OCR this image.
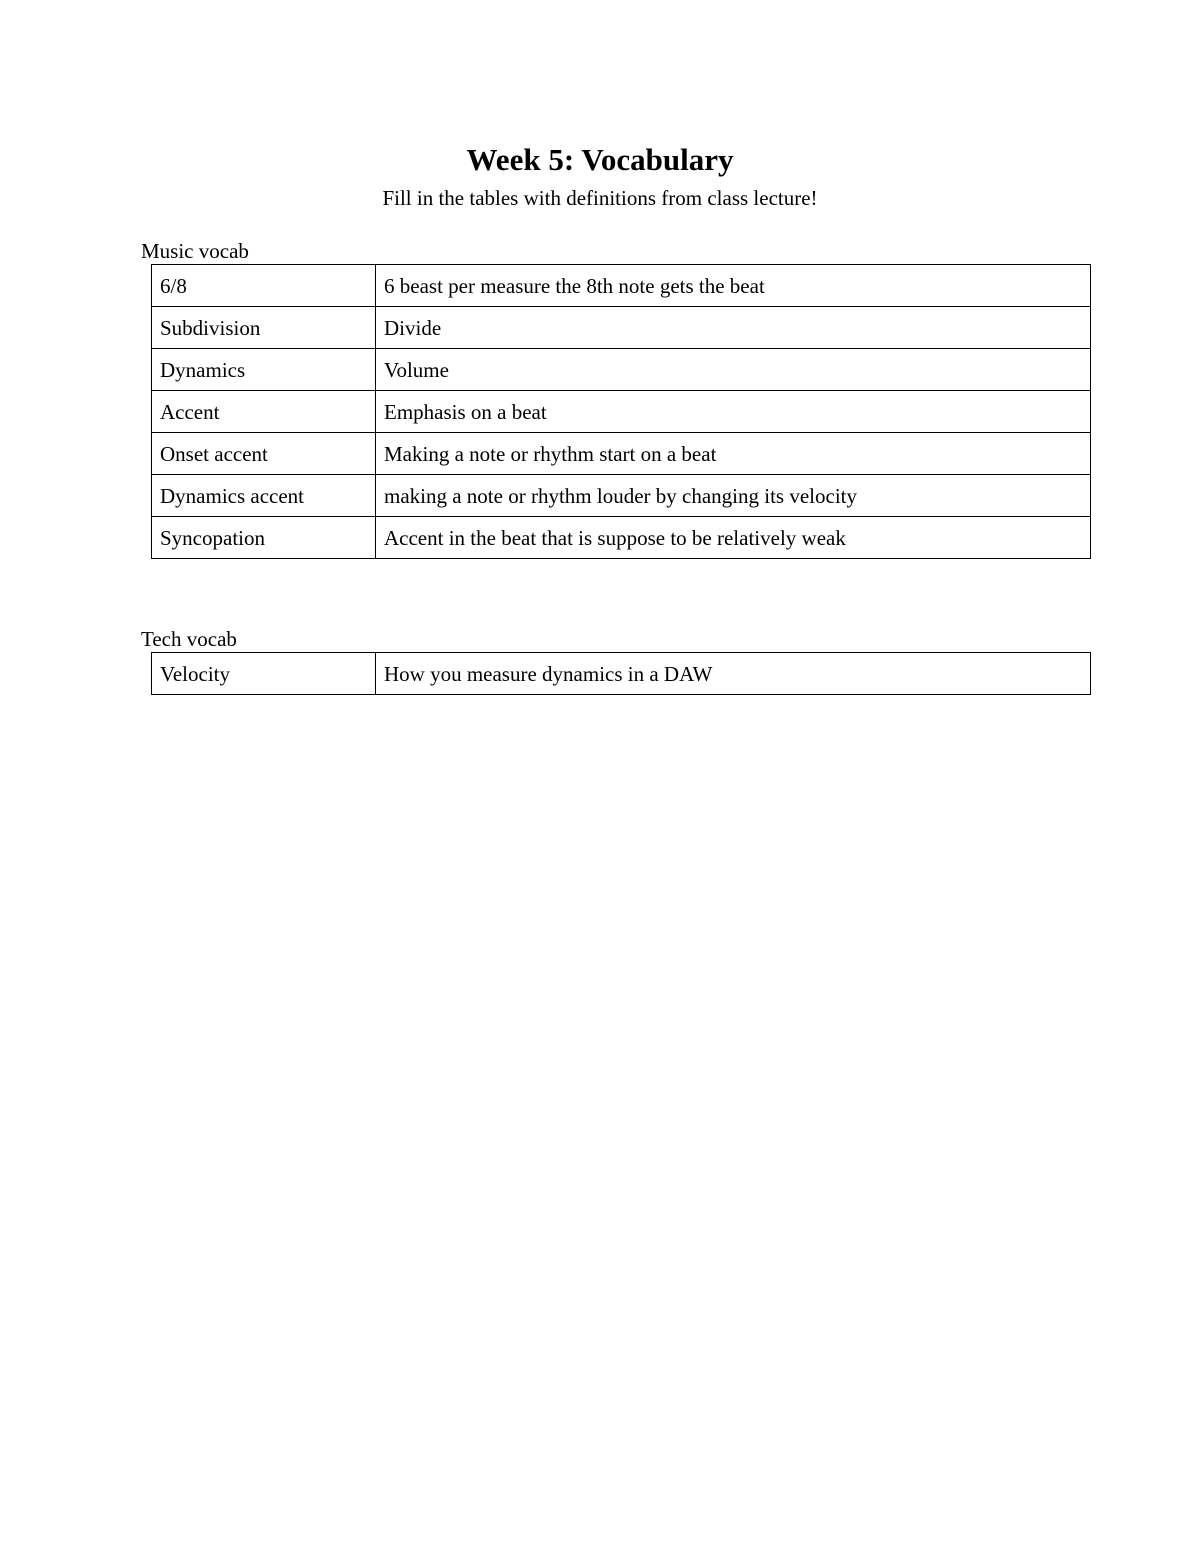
Week 5: Vocabulary
Fill in the tables with definitions from class lecture!
Music vocab
6/8	6 beast per measure the 8th note gets the beat
Subdivision	Divide
Dynamics	Volume
Accent	Emphasis on a beat
Onset accent	Making a note or rhythm start on a beat
Dynamics accent	making a note or rhythm louder by changing its velocity
Syncopation	Accent in the beat that is suppose to be relatively weak
Tech vocab
Velocity	How you measure dynamics in a DAW
